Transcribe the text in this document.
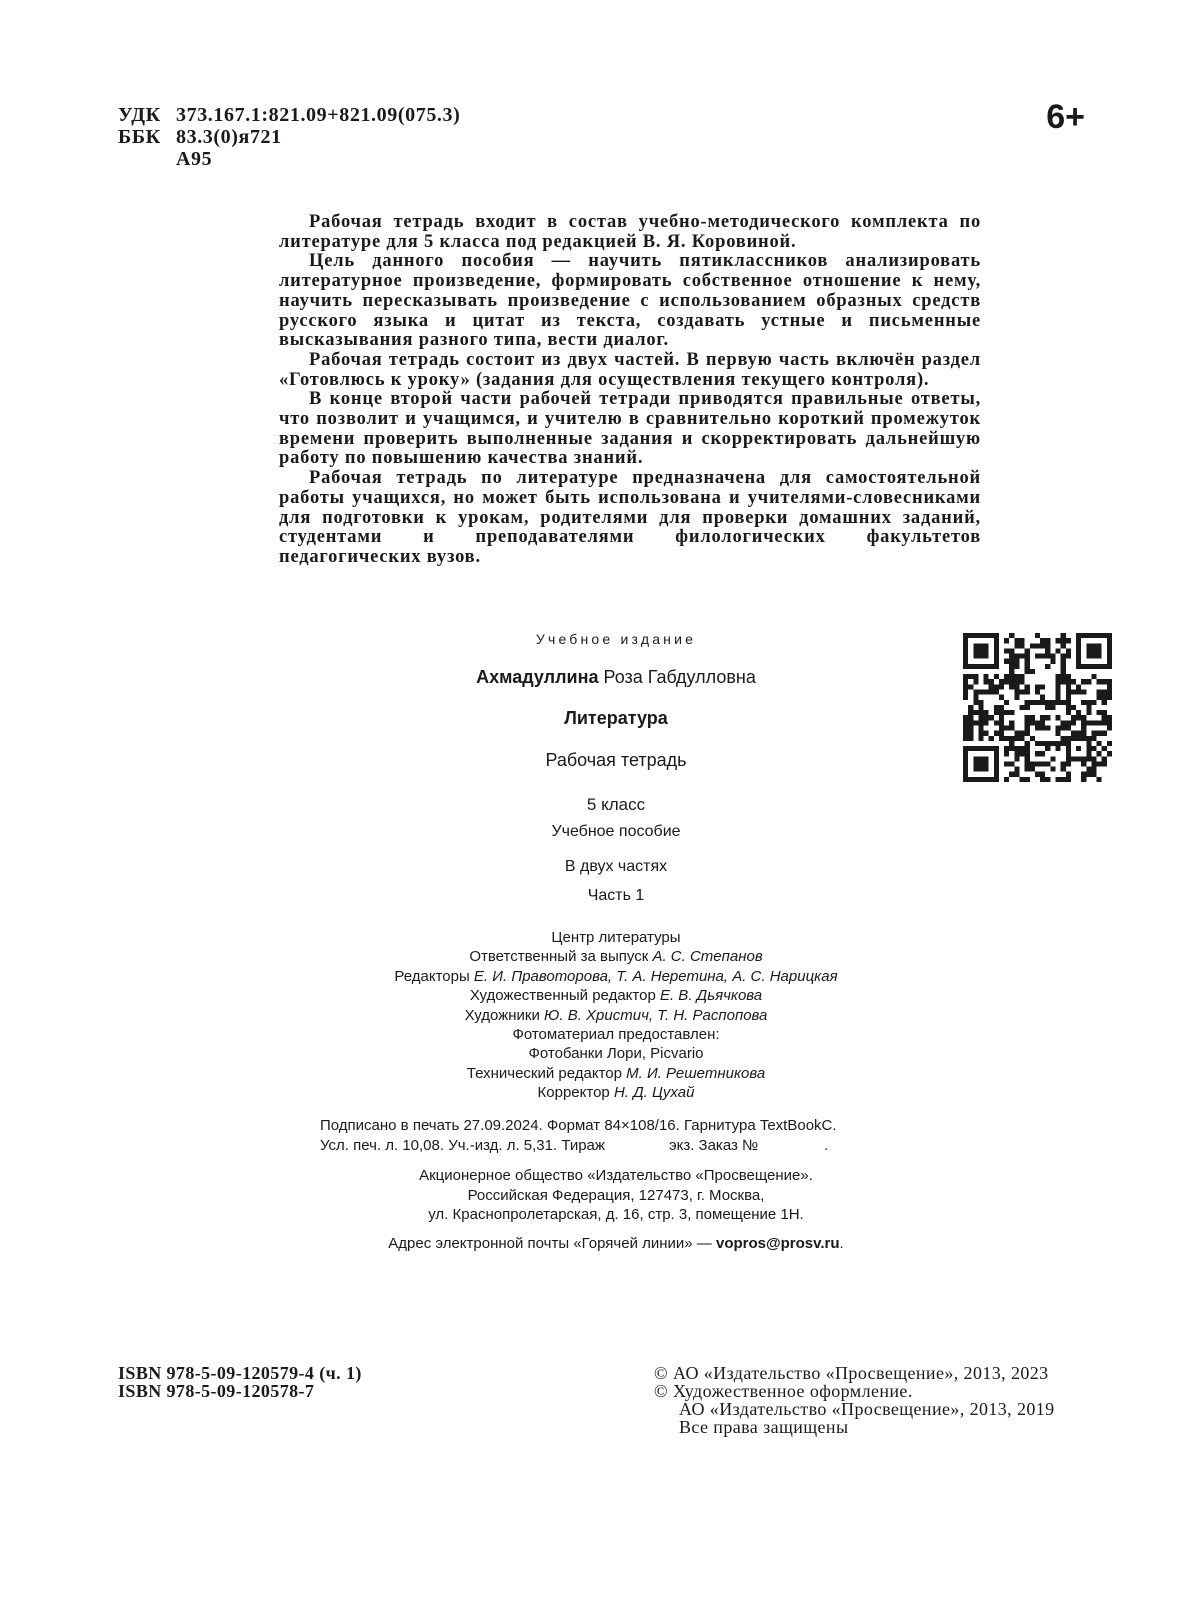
УДК 373.167.1:821.09+821.09(075.3)
ББК 83.3(0)я721
А95
6+

Рабочая тетрадь входит в состав учебно-методического комплекта по литературе для 5 класса под редакцией В. Я. Коровиной.

Цель данного пособия — научить пятиклассников анализировать литературное произведение, формировать собственное отношение к нему, научить пересказывать произведение с использованием образных средств русского языка и цитат из текста, создавать устные и письменные высказывания разного типа, вести диалог.

Рабочая тетрадь состоит из двух частей. В первую часть включён раздел «Готовлюсь к уроку» (задания для осуществления текущего контроля).

В конце второй части рабочей тетради приводятся правильные ответы, что позволит и учащимся, и учителю в сравнительно короткий промежуток времени проверить выполненные задания и скорректировать дальнейшую работу по повышению качества знаний.

Рабочая тетрадь по литературе предназначена для самостоятельной работы учащихся, но может быть использована и учителями-словесниками для подготовки к урокам, родителями для проверки домашних заданий, студентами и преподавателями филологических факультетов педагогических вузов.

Учебное издание
Ахмадуллина Роза Габдулловна
Литература
Рабочая тетрадь
5 класс
Учебное пособие
В двух частях
Часть 1
Центр литературы
Ответственный за выпуск А. С. Степанов
Редакторы Е. И. Правоторова, Т. А. Неретина, А. С. Нарицкая
Художественный редактор Е. В. Дьячкова
Художники Ю. В. Христич, Т. Н. Распопова
Фотоматериал предоставлен:
Фотобанки Лори, Picvario
Технический редактор М. И. Решетникова
Корректор Н. Д. Цухай
Подписано в печать 27.09.2024. Формат 84×108/16. Гарнитура TextBookC.
Усл. печ. л. 10,08. Уч.-изд. л. 5,31. Тираж	экз. Заказ №	.
Акционерное общество «Издательство «Просвещение».
Российская Федерация, 127473, г. Москва,
ул. Краснопролетарская, д. 16, стр. 3, помещение 1Н.
Адрес электронной почты «Горячей линии» — vopros@prosv.ru.
ISBN 978-5-09-120579-4 (ч. 1)
ISBN 978-5-09-120578-7
© АО «Издательство «Просвещение», 2013, 2023
© Художественное оформление.
АО «Издательство «Просвещение», 2013, 2019
Все права защищены
